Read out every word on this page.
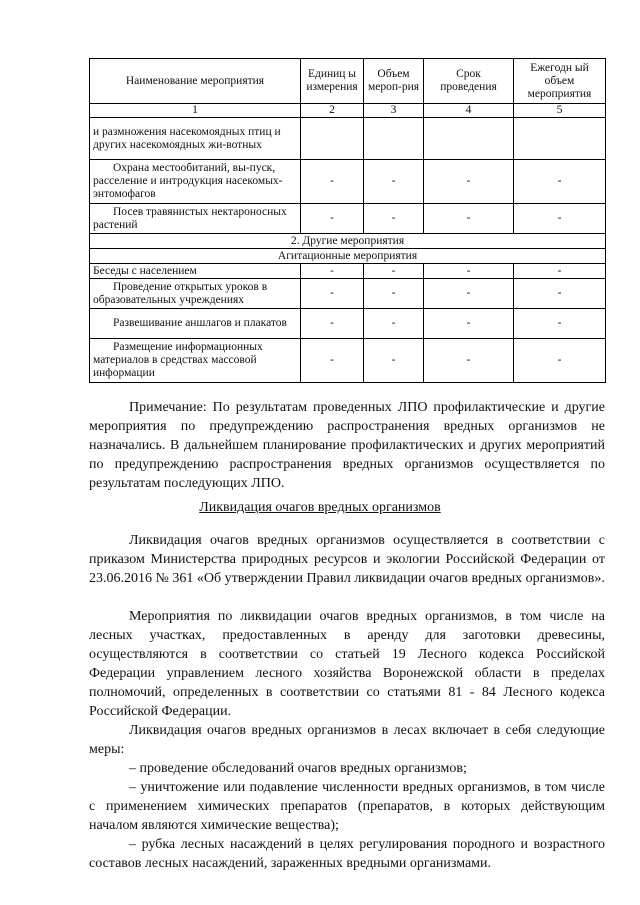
Наименование мероприятия	Единиц ы измерения	Объем мероп-рия	Срок проведения	Ежегодн ый объем мероприятия
1	2	3	4	5
и размножения насекомоядных птиц и других насекомоядных жи-вотных				
Охрана местообитаний, вы-пуск, расселение и интродукция насекомых-энтомофагов	-	-	-	-
Посев травянистых нектароносных растений	-	-	-	-
2. Другие мероприятия				
Агитационные мероприятия				
Беседы с населением	-	-	-	-
Проведение открытых уроков в образовательных учреждениях	-	-	-	-
Развешивание аншлагов и плакатов	-	-	-	-
Размещение информационных материалов в средствах массовой информации	-	-	-	-

Примечание: По результатам проведенных ЛПО профилактические и другие мероприятия по предупреждению распространения вредных организмов не назначались. В дальнейшем планирование профилактических и других мероприятий по предупреждению распространения вредных организмов осуществляется по результатам последующих ЛПО.

Ликвидация очагов вредных организмов

Ликвидация очагов вредных организмов осуществляется в соответствии с приказом Министерства природных ресурсов и экологии Российской Федерации от 23.06.2016 № 361 «Об утверждении Правил ликвидации очагов вредных организмов».

Мероприятия по ликвидации очагов вредных организмов, в том числе на лесных участках, предоставленных в аренду для заготовки древесины, осуществляются в соответствии со статьей 19 Лесного кодекса Российской Федерации управлением лесного хозяйства Воронежской области в пределах полномочий, определенных в соответствии со статьями 81 - 84 Лесного кодекса Российской Федерации.

Ликвидация очагов вредных организмов в лесах включает в себя следующие меры:

– проведение обследований очагов вредных организмов;

– уничтожение или подавление численности вредных организмов, в том числе с применением химических препаратов (препаратов, в которых действующим началом являются химические вещества);

– рубка лесных насаждений в целях регулирования породного и возрастного составов лесных насаждений, зараженных вредными организмами.
